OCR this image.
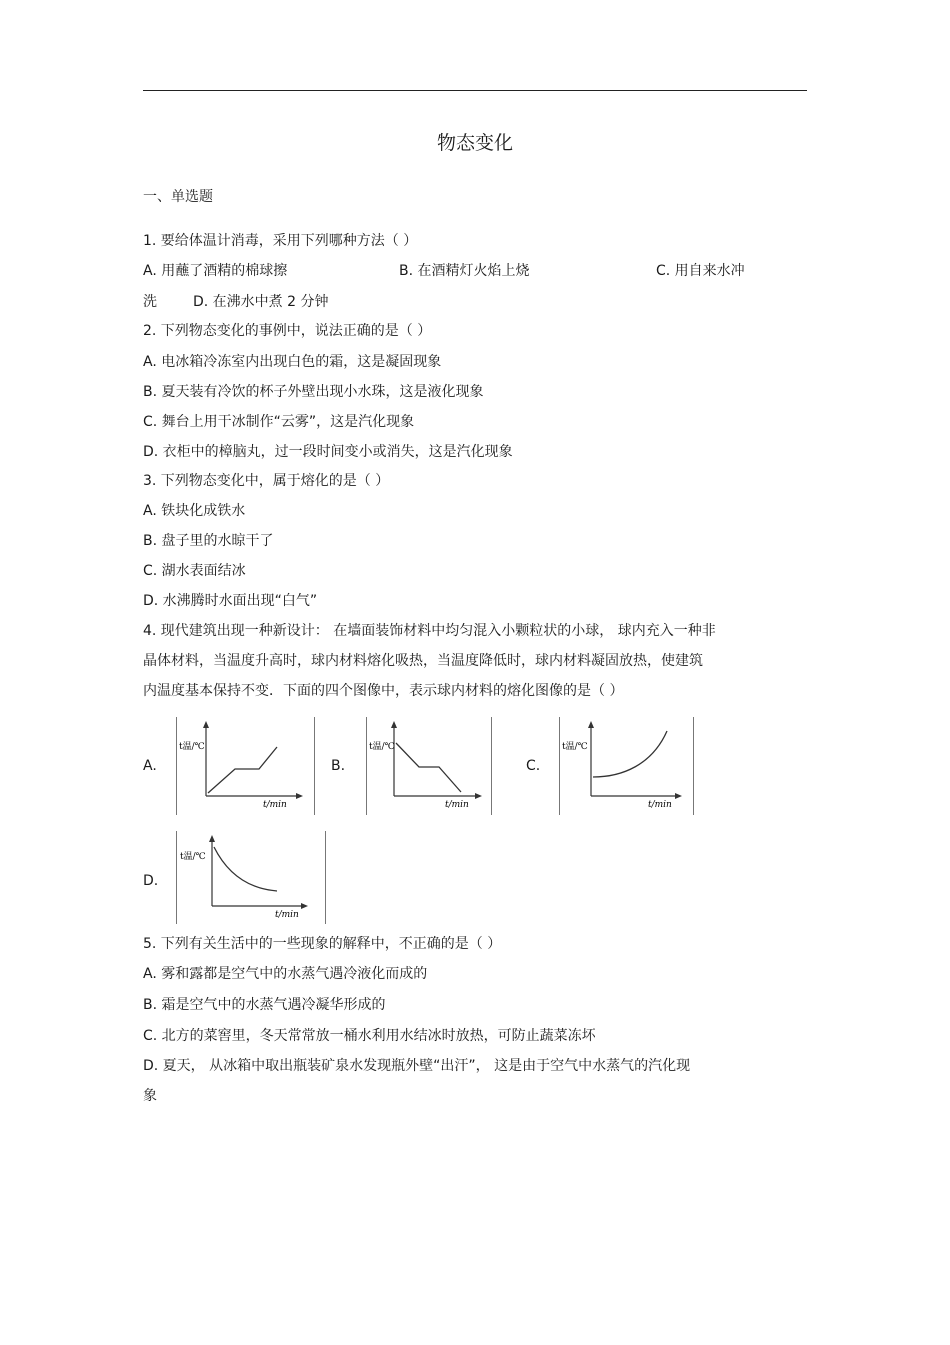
物态变化
一、单选题
1. 要给体温计消毒，采用下列哪种方法（ ）
A. 用蘸了酒精的棉球擦	B. 在酒精灯火焰上烧	C. 用自来水冲
洗	D. 在沸水中煮 2 分钟
2. 下列物态变化的事例中，说法正确的是（ ）
A. 电冰箱冷冻室内出现白色的霜，这是凝固现象
B. 夏天装有冷饮的杯子外壁出现小水珠，这是液化现象
C. 舞台上用干冰制作“云雾”，这是汽化现象
D. 衣柜中的樟脑丸，过一段时间变小或消失，这是汽化现象
3. 下列物态变化中，属于熔化的是（ ）
A. 铁块化成铁水
B. 盘子里的水晾干了
C. 湖水表面结冰
D. 水沸腾时水面出现“白气”
4. 现代建筑出现一种新设计： 在墙面装饰材料中均匀混入小颗粒状的小球， 球内充入一种非
晶体材料，当温度升高时，球内材料熔化吸热，当温度降低时，球内材料凝固放热，使建筑
内温度基本保持不变．下面的四个图像中，表示球内材料的熔化图像的是（ ）
A.
t温/℃
t/min
B.
t温/℃
t/min
C.
t温/℃
t/min
D.
t温/℃
t/min
5. 下列有关生活中的一些现象的解释中，不正确的是（ ）
A. 雾和露都是空气中的水蒸气遇冷液化而成的
B. 霜是空气中的水蒸气遇冷凝华形成的
C. 北方的菜窖里，冬天常常放一桶水利用水结冰时放热，可防止蔬菜冻坏
D. 夏天， 从冰箱中取出瓶装矿泉水发现瓶外壁“出汗”， 这是由于空气中水蒸气的汽化现
象
